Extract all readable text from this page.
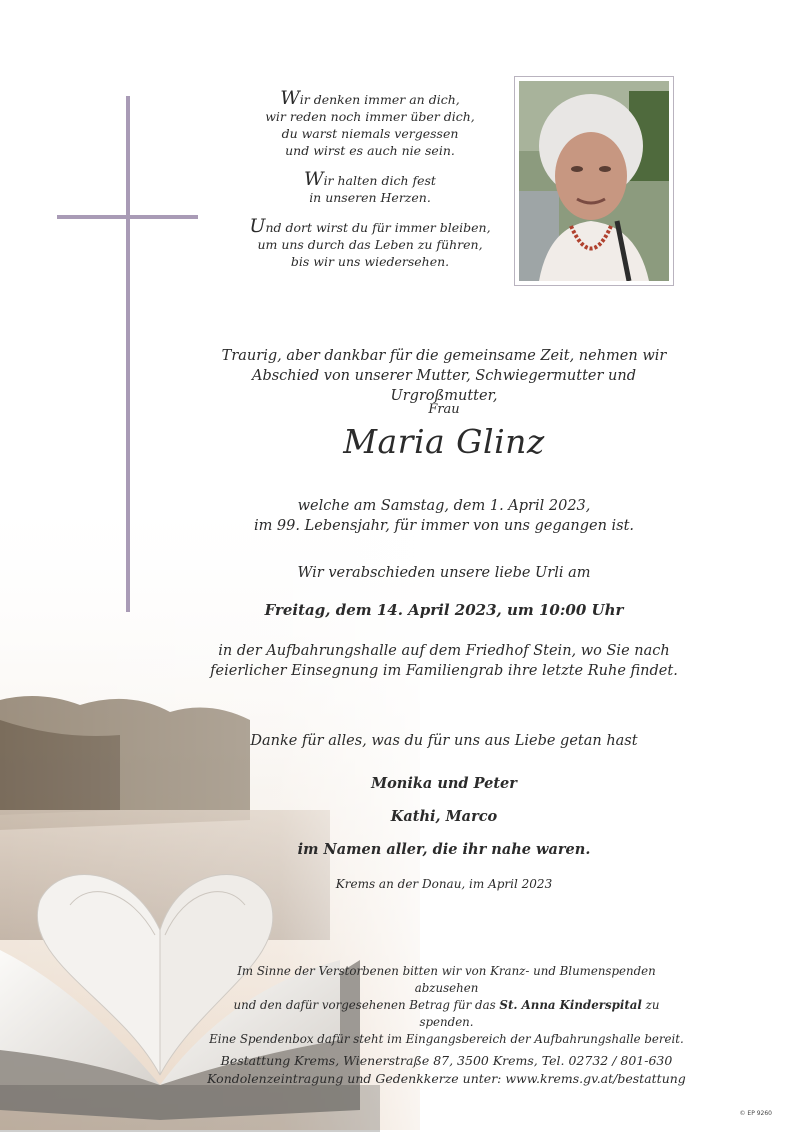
Wir denken immer an dich,
wir reden noch immer über dich,
du warst niemals vergessen
und wirst es auch nie sein.

Wir halten dich fest
in unseren Herzen.

Und dort wirst du für immer bleiben,
um uns durch das Leben zu führen,
bis wir uns wiedersehen.

Traurig, aber dankbar für die gemeinsame Zeit, nehmen wir
Abschied von unserer Mutter, Schwiegermutter und Urgroßmutter,
Frau
Maria Glinz
welche am Samstag, dem 1. April 2023,
im 99. Lebensjahr, für immer von uns gegangen ist.
Wir verabschieden unsere liebe Urli am
Freitag, dem 14. April 2023, um 10:00 Uhr
in der Aufbahrungshalle auf dem Friedhof Stein, wo Sie nach
feierlicher Einsegnung im Familiengrab ihre letzte Ruhe findet.
Danke für alles, was du für uns aus Liebe getan hast
Monika und Peter
Kathi, Marco
im Namen aller, die ihr nahe waren.
Krems an der Donau, im April 2023
Im Sinne der Verstorbenen bitten wir von Kranz- und Blumenspenden abzusehen
und den dafür vorgesehenen Betrag für das St. Anna Kinderspital zu spenden.
Eine Spendenbox dafür steht im Eingangsbereich der Aufbahrungshalle bereit.
Bestattung Krems, Wienerstraße 87, 3500 Krems, Tel. 02732 / 801-630
Kondolenzeintragung und Gedenkkerze unter: www.krems.gv.at/bestattung
© EP 9260
